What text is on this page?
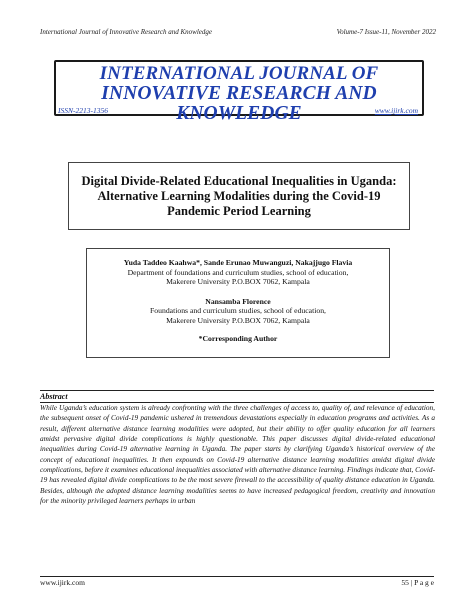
International Journal of Innovative Research and Knowledge	Volume-7 Issue-11, November 2022
INTERNATIONAL JOURNAL OF
INNOVATIVE RESEARCH AND KNOWLEDGE
ISSN-2213-1356	www.ijirk.com
Digital Divide-Related Educational Inequalities in Uganda: Alternative Learning Modalities during the Covid-19 Pandemic Period Learning
Yuda Taddeo Kaahwa*, Sande Erunao Muwanguzi, Nakajjugo Flavia
Department of foundations and curriculum studies, school of education,
Makerere University P.O.BOX 7062, Kampala
Nansamba Florence
Foundations and curriculum studies, school of education,
Makerere University P.O.BOX 7062, Kampala
*Corresponding Author
Abstract

While Uganda’s education system is already confronting with the three challenges of access to, quality of, and relevance of education, the subsequent onset of Covid-19 pandemic ushered in tremendous devastations especially in education programs and activities. As a result, different alternative distance learning modalities were adopted, but their ability to offer quality education for all learners amidst pervasive digital divide complications is highly questionable. This paper discusses digital divide-related educational inequalities during Covid-19 alternative learning in Uganda. The paper starts by clarifying Uganda’s historical overview of the concept of educational inequalities. It then expounds on Covid-19 alternative distance learning modalities amidst digital divide complications, before it examines educational inequalities associated with alternative distance learning. Findings indicate that, Covid-19 has revealed digital divide complications to be the most severe firewall to the accessibility of quality distance education in Uganda. Besides, although the adopted distance learning modalities seems to have increased pedagogical freedom, creativity and innovation for the minority privileged learners perhaps in urban

www.ijirk.com	55 | P a g e
